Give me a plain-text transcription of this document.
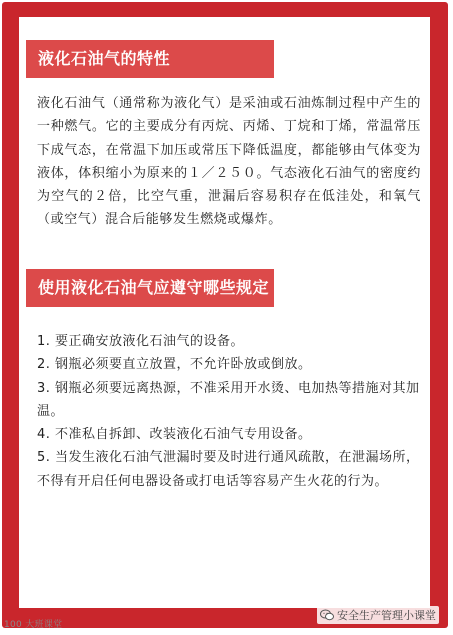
液化石油气的特性

液化石油气（通常称为液化气）是采油或石油炼制过程中产生的一种燃气。它的主要成分有丙烷、丙烯、丁烷和丁烯，常温常压下成气态，在常温下加压或常压下降低温度，都能够由气体变为液体，体积缩小为原来的１／２５０。气态液化石油气的密度约为空气的２倍，比空气重，泄漏后容易积存在低洼处，和氧气（或空气）混合后能够发生燃烧或爆炸。

使用液化石油气应遵守哪些规定
1. 要正确安放液化石油气的设备。
2. 钢瓶必须要直立放置，不允许卧放或倒放。
3. 钢瓶必须要远离热源，不准采用开水烫、电加热等措施对其加温。
4. 不准私自拆卸、改装液化石油气专用设备。
5. 当发生液化石油气泄漏时要及时进行通风疏散，在泄漏场所，不得有开启任何电器设备或打电话等容易产生火花的行为。
100 大班课堂
安全生产管理小课堂
